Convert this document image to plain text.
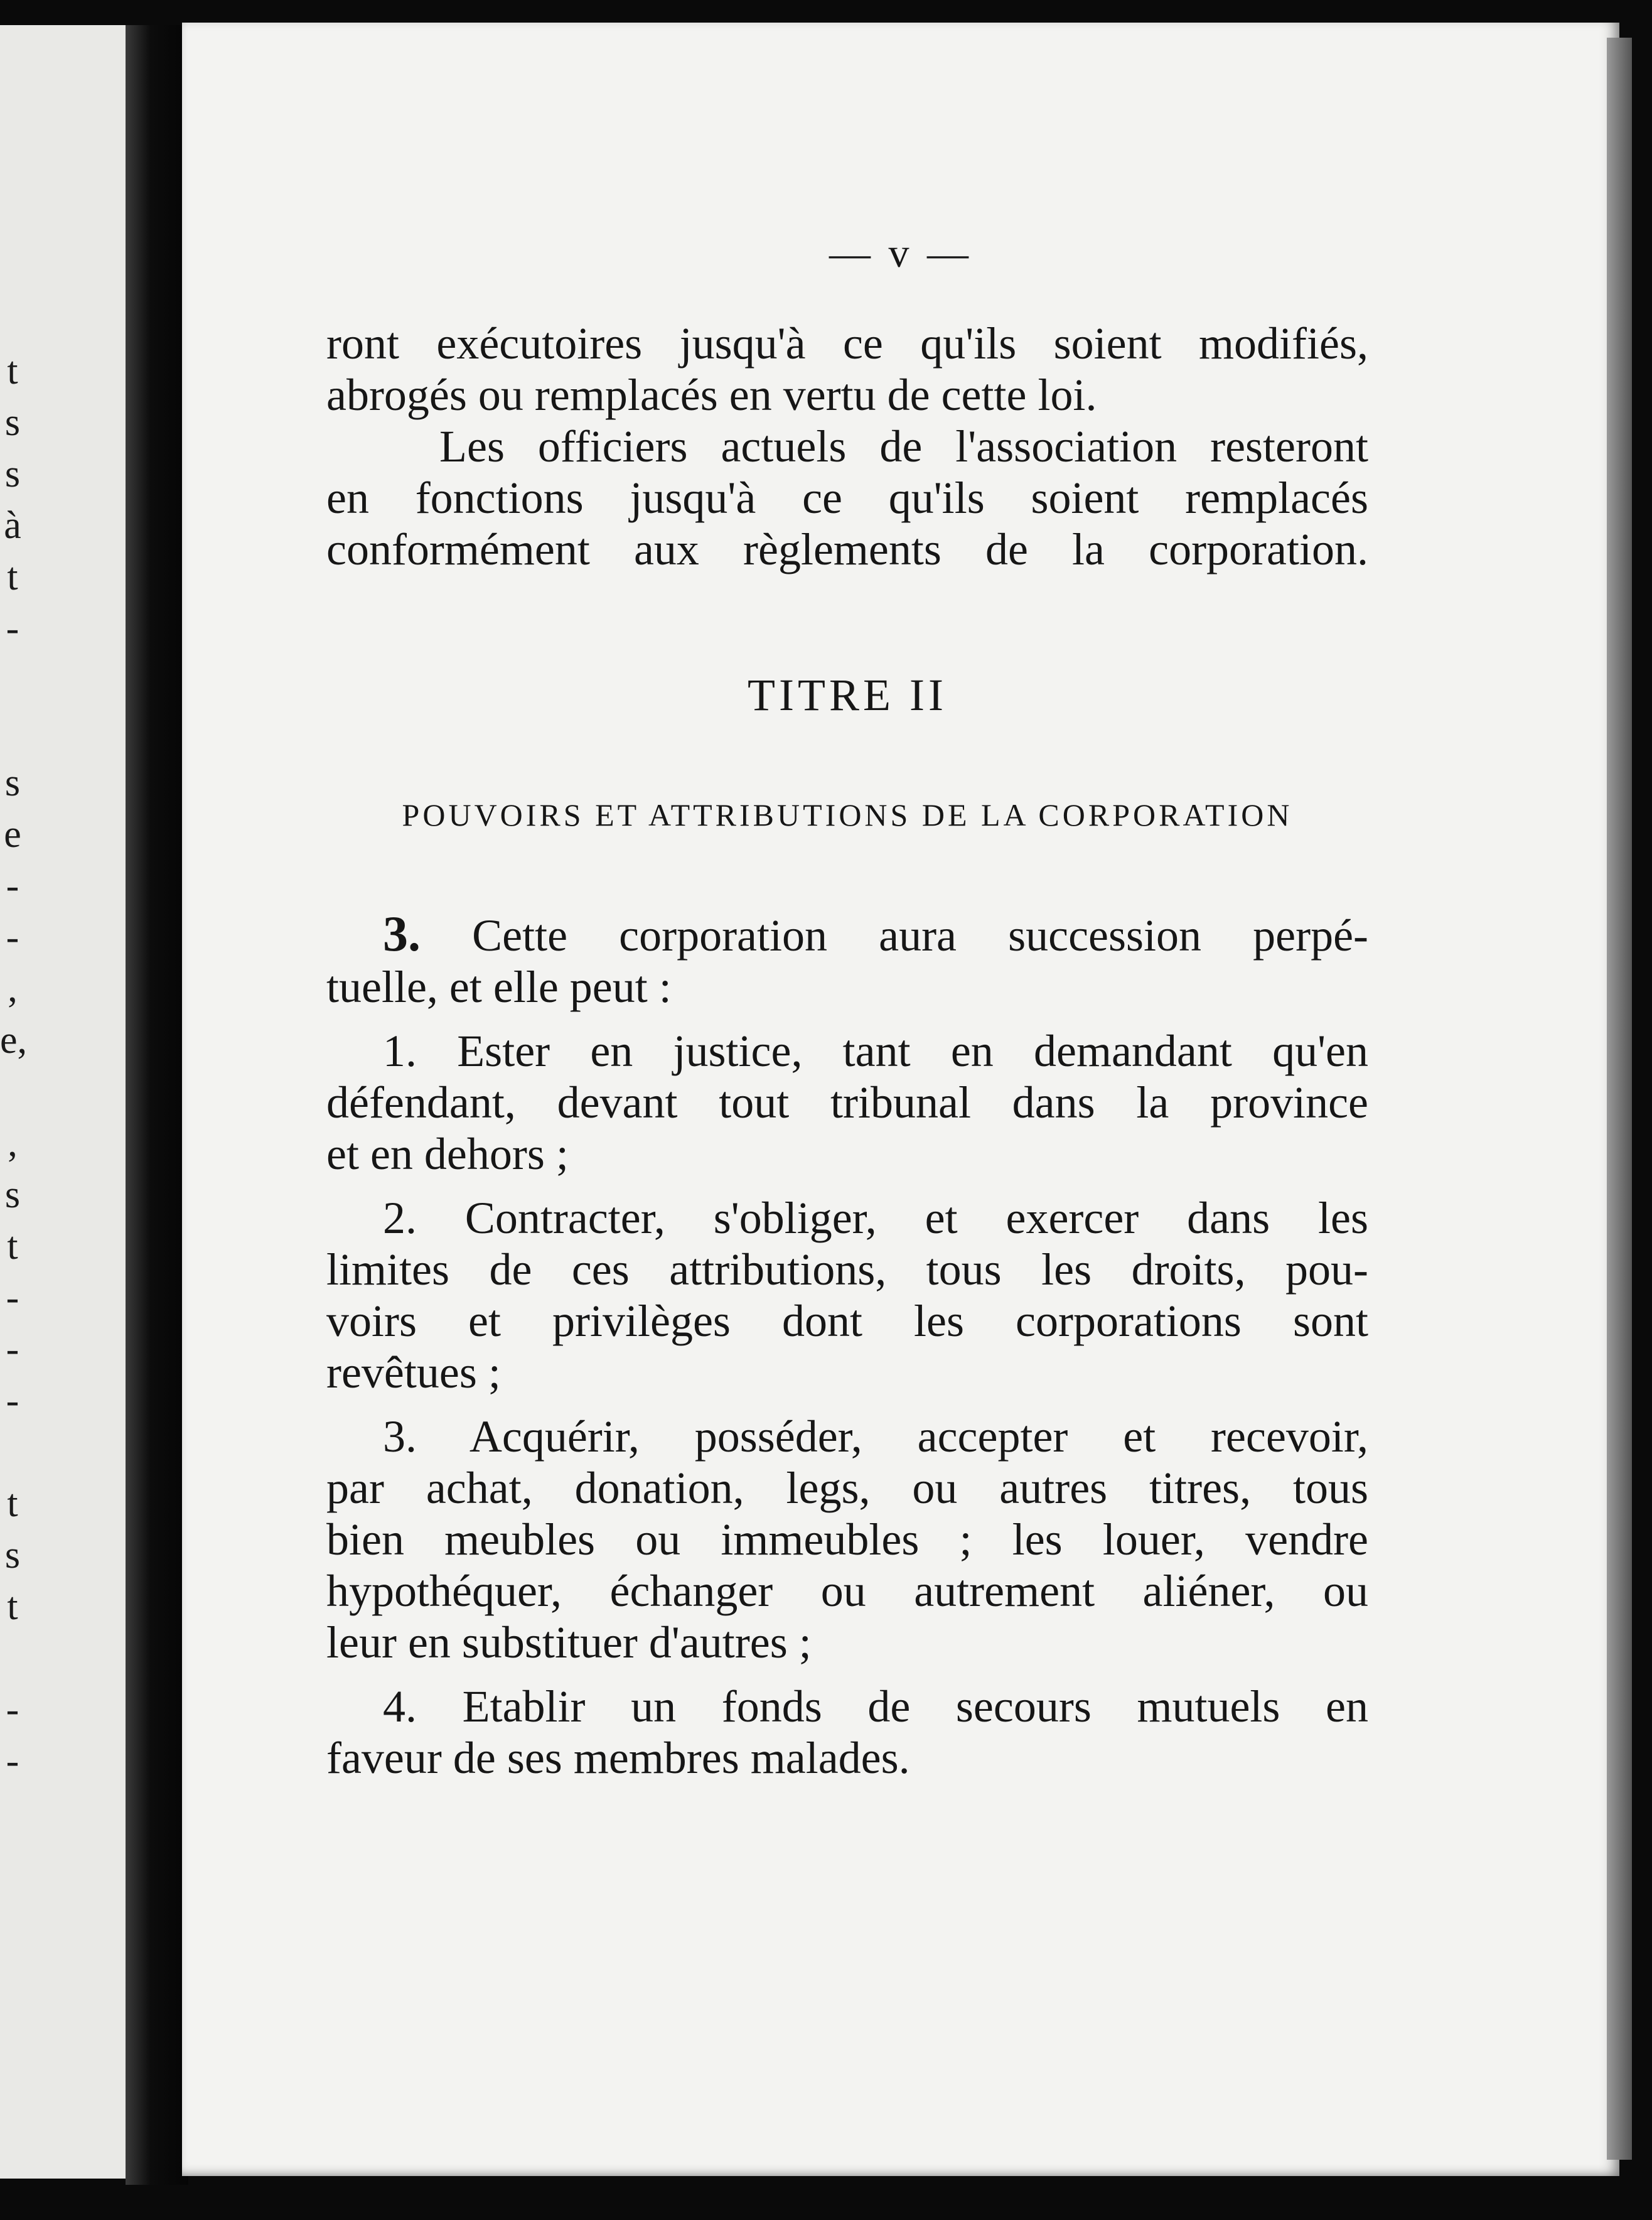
t
s
s
à
t
-
s
e
-
-
,
e,
,
s
t
-
-
-
t
s
t
-
-
— v —

ront exécutoires jusqu'à ce qu'ils soient modifiés,
abrogés ou remplacés en vertu de cette loi.

Les officiers actuels de l'association resteront
en fonctions jusqu'à ce qu'ils soient remplacés
conformément aux règlements de la corporation.

TITRE II
POUVOIRS ET ATTRIBUTIONS DE LA CORPORATION

3. Cette corporation aura succession perpé-
tuelle, et elle peut :

1. Ester en justice, tant en demandant qu'en
défendant, devant tout tribunal dans la province
et en dehors ;

2. Contracter, s'obliger, et exercer dans les
limites de ces attributions, tous les droits, pou-
voirs et privilèges dont les corporations sont
revêtues ;

3. Acquérir, posséder, accepter et recevoir,
par achat, donation, legs, ou autres titres, tous
bien meubles ou immeubles ; les louer, vendre
hypothéquer, échanger ou autrement aliéner, ou
leur en substituer d'autres ;

4. Etablir un fonds de secours mutuels en
faveur de ses membres malades.
